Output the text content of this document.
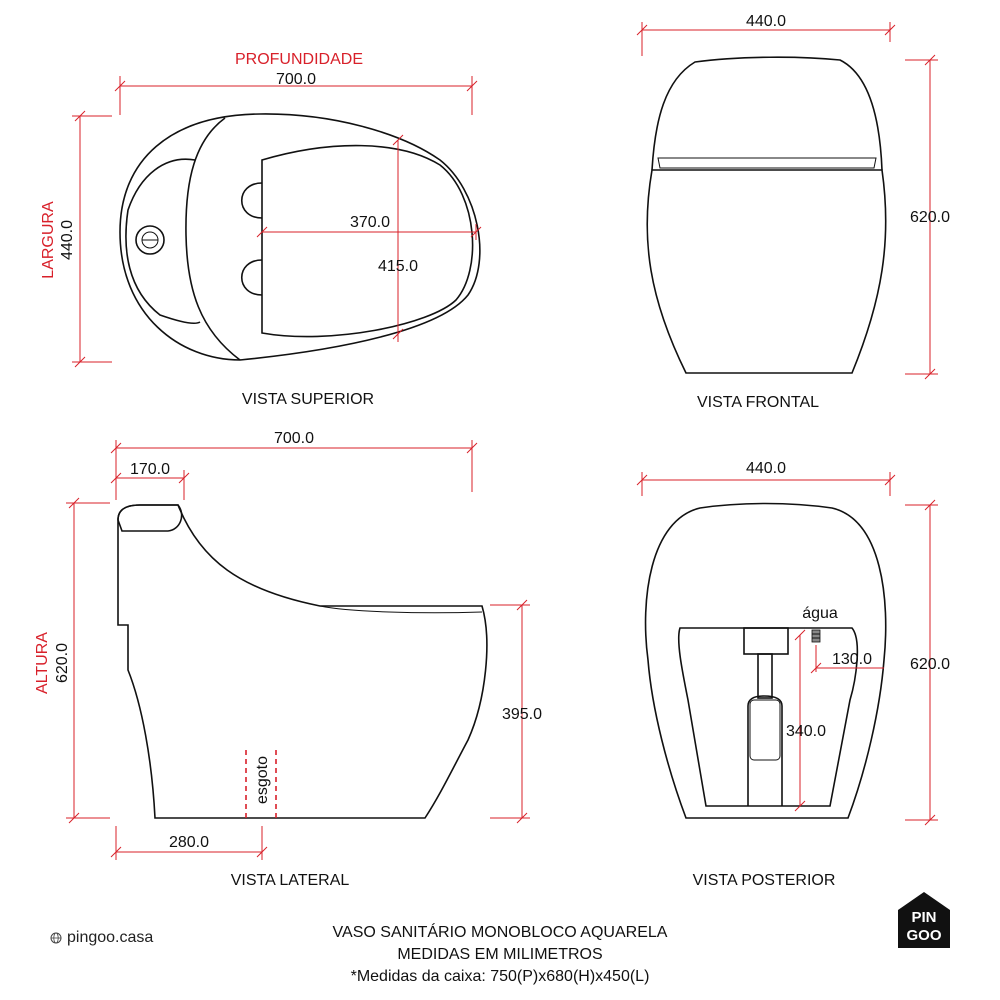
PROFUNDIDADE
700.0
LARGURA 440.0	370.0
415.0
VISTA SUPERIOR
440.0
620.0
VISTA FRONTAL
700.0
170.0
ALTURA 620.0
395.0
esgoto
280.0
VISTA LATERAL
440.0
620.0
água
130.0
340.0
VISTA POSTERIOR
pingoo.casa
PIN
GOO
VASO SANITÁRIO MONOBLOCO AQUARELA
MEDIDAS EM MILIMETROS
*Medidas da caixa: 750(P)x680(H)x450(L)
